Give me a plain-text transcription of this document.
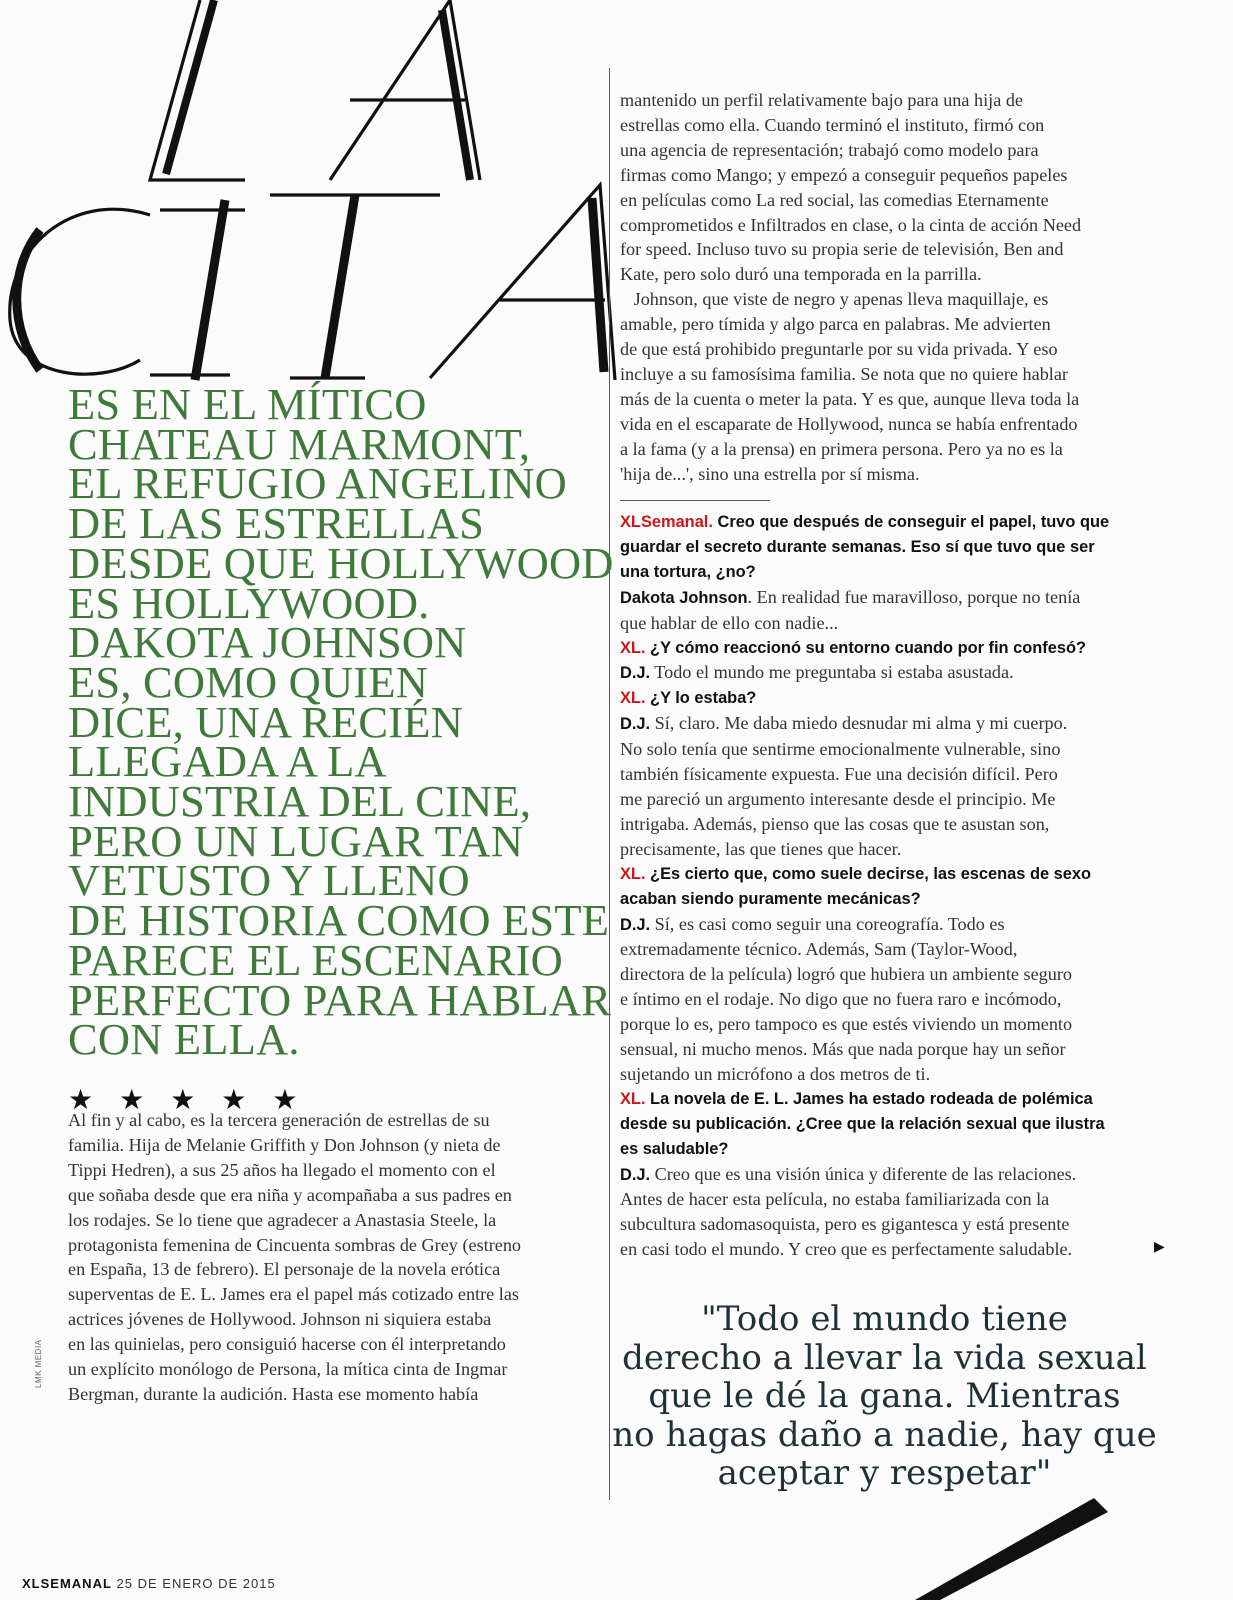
ES EN EL MÍTICO
CHATEAU MARMONT,
EL REFUGIO ANGELINO
DE LAS ESTRELLAS
DESDE QUE HOLLYWOOD
ES HOLLYWOOD.
DAKOTA JOHNSON
ES, COMO QUIEN
DICE, UNA RECIÉN
LLEGADA A LA
INDUSTRIA DEL CINE,
PERO UN LUGAR TAN
VETUSTO Y LLENO
DE HISTORIA COMO ESTE
PARECE EL ESCENARIO
PERFECTO PARA HABLAR
CON ELLA.
★★★★★
Al fin y al cabo, es la tercera generación de estrellas de su
familia. Hija de Melanie Griffith y Don Johnson (y nieta de
Tippi Hedren), a sus 25 años ha llegado el momento con el
que soñaba desde que era niña y acompañaba a sus padres en
los rodajes. Se lo tiene que agradecer a Anastasia Steele, la
protagonista femenina de Cincuenta sombras de Grey (estreno
en España, 13 de febrero). El personaje de la novela erótica
superventas de E. L. James era el papel más cotizado entre las
actrices jóvenes de Hollywood. Johnson ni siquiera estaba
en las quinielas, pero consiguió hacerse con él interpretando
un explícito monólogo de Persona, la mítica cinta de Ingmar
Bergman, durante la audición. Hasta ese momento había
mantenido un perfil relativamente bajo para una hija de
estrellas como ella. Cuando terminó el instituto, firmó con
una agencia de representación; trabajó como modelo para
firmas como Mango; y empezó a conseguir pequeños papeles
en películas como La red social, las comedias Eternamente
comprometidos e Infiltrados en clase, o la cinta de acción Need
for speed. Incluso tuvo su propia serie de televisión, Ben and
Kate, pero solo duró una temporada en la parrilla.
Johnson, que viste de negro y apenas lleva maquillaje, es
amable, pero tímida y algo parca en palabras. Me advierten
de que está prohibido preguntarle por su vida privada. Y eso
incluye a su famosísima familia. Se nota que no quiere hablar
más de la cuenta o meter la pata. Y es que, aunque lleva toda la
vida en el escaparate de Hollywood, nunca se había enfrentado
a la fama (y a la prensa) en primera persona. Pero ya no es la
'hija de...', sino una estrella por sí misma.
XLSemanal. Creo que después de conseguir el papel, tuvo que
guardar el secreto durante semanas. Eso sí que tuvo que ser
una tortura, ¿no?
Dakota Johnson. En realidad fue maravilloso, porque no tenía
que hablar de ello con nadie...
XL. ¿Y cómo reaccionó su entorno cuando por fin confesó?
D.J. Todo el mundo me preguntaba si estaba asustada.
XL. ¿Y lo estaba?
D.J. Sí, claro. Me daba miedo desnudar mi alma y mi cuerpo.
No solo tenía que sentirme emocionalmente vulnerable, sino
también físicamente expuesta. Fue una decisión difícil. Pero
me pareció un argumento interesante desde el principio. Me
intrigaba. Además, pienso que las cosas que te asustan son,
precisamente, las que tienes que hacer.
XL. ¿Es cierto que, como suele decirse, las escenas de sexo
acaban siendo puramente mecánicas?
D.J. Sí, es casi como seguir una coreografía. Todo es
extremadamente técnico. Además, Sam (Taylor-Wood,
directora de la película) logró que hubiera un ambiente seguro
e íntimo en el rodaje. No digo que no fuera raro e incómodo,
porque lo es, pero tampoco es que estés viviendo un momento
sensual, ni mucho menos. Más que nada porque hay un señor
sujetando un micrófono a dos metros de ti.
XL. La novela de E. L. James ha estado rodeada de polémica
desde su publicación. ¿Cree que la relación sexual que ilustra
es saludable?
D.J. Creo que es una visión única y diferente de las relaciones.
Antes de hacer esta película, no estaba familiarizada con la
subcultura sadomasoquista, pero es gigantesca y está presente
en casi todo el mundo. Y creo que es perfectamente saludable.	▶
"Todo el mundo tiene
derecho a llevar la vida sexual
que le dé la gana. Mientras
no hagas daño a nadie, hay que
aceptar y respetar"
LMK MEDIA
XLSEMANAL 25 DE ENERO DE 2015
